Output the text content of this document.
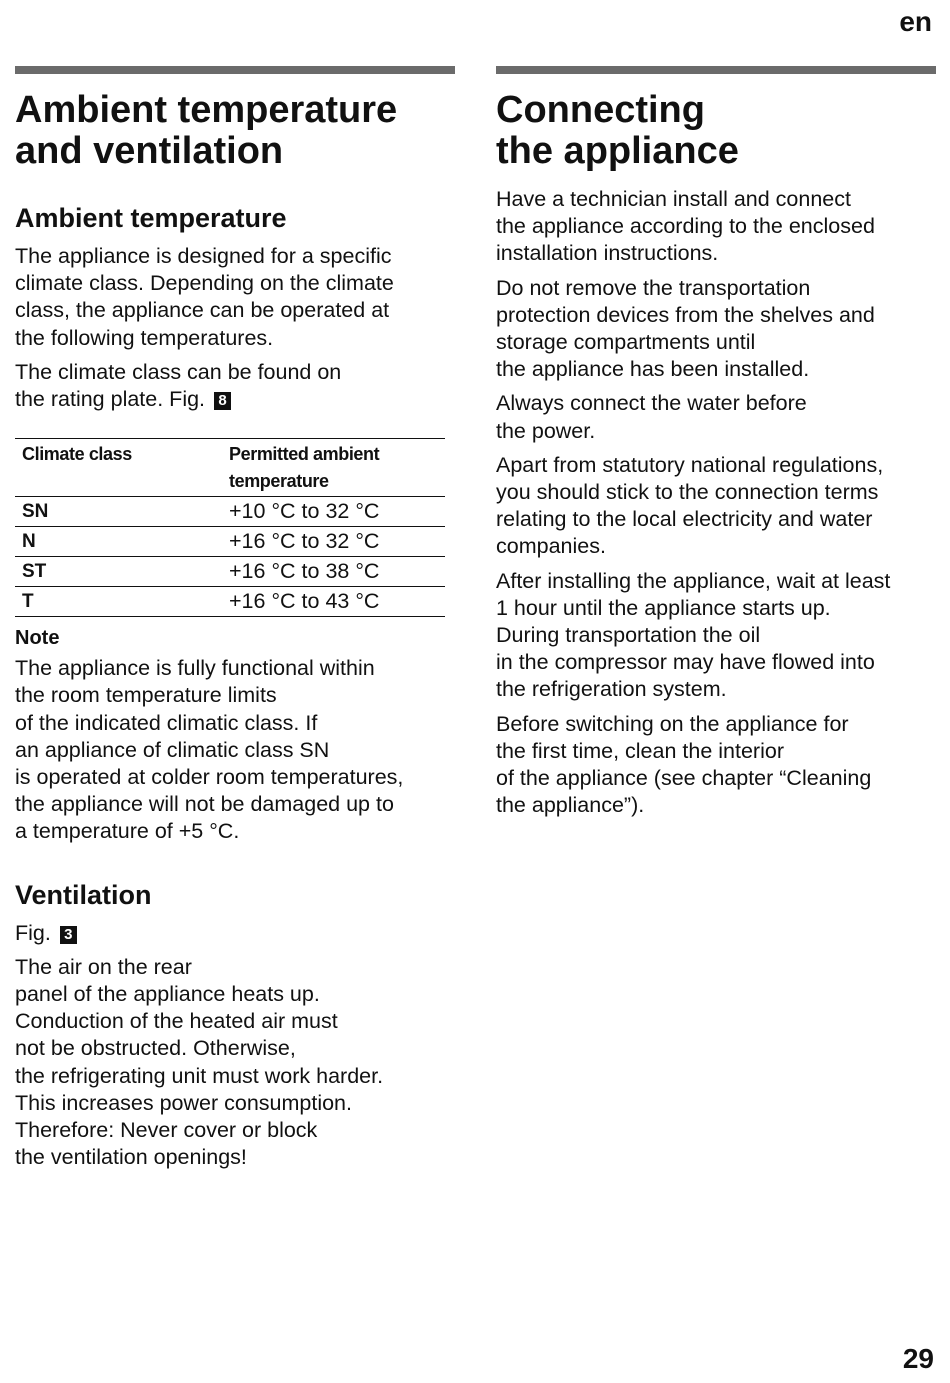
en
Ambient temperature
and ventilation
Ambient temperature

The appliance is designed for a specific
climate class. Depending on the climate
class, the appliance can be operated at
the following temperatures.

The climate class can be found on
the rating plate. Fig. 8

Climate class	Permitted ambient temperature
SN	+10 °C to 32 °C
N	+16 °C to 32 °C
ST	+16 °C to 38 °C
T	+16 °C to 43 °C
Note

The appliance is fully functional within
the room temperature limits
of the indicated climatic class. If
an appliance of climatic class SN
is operated at colder room temperatures,
the appliance will not be damaged up to
a temperature of +5 °C.

Ventilation

Fig. 3

The air on the rear
panel of the appliance heats up.
Conduction of the heated air must
not be obstructed. Otherwise,
the refrigerating unit must work harder.
This increases power consumption.
Therefore: Never cover or block
the ventilation openings!

Connecting
the appliance

Have a technician install and connect
the appliance according to the enclosed
installation instructions.

Do not remove the transportation
protection devices from the shelves and
storage compartments until
the appliance has been installed.

Always connect the water before
the power.

Apart from statutory national regulations,
you should stick to the connection terms
relating to the local electricity and water
companies.

After installing the appliance, wait at least
1 hour until the appliance starts up.
During transportation the oil
in the compressor may have flowed into
the refrigeration system.

Before switching on the appliance for
the first time, clean the interior
of the appliance (see chapter “Cleaning
the appliance”).

29
